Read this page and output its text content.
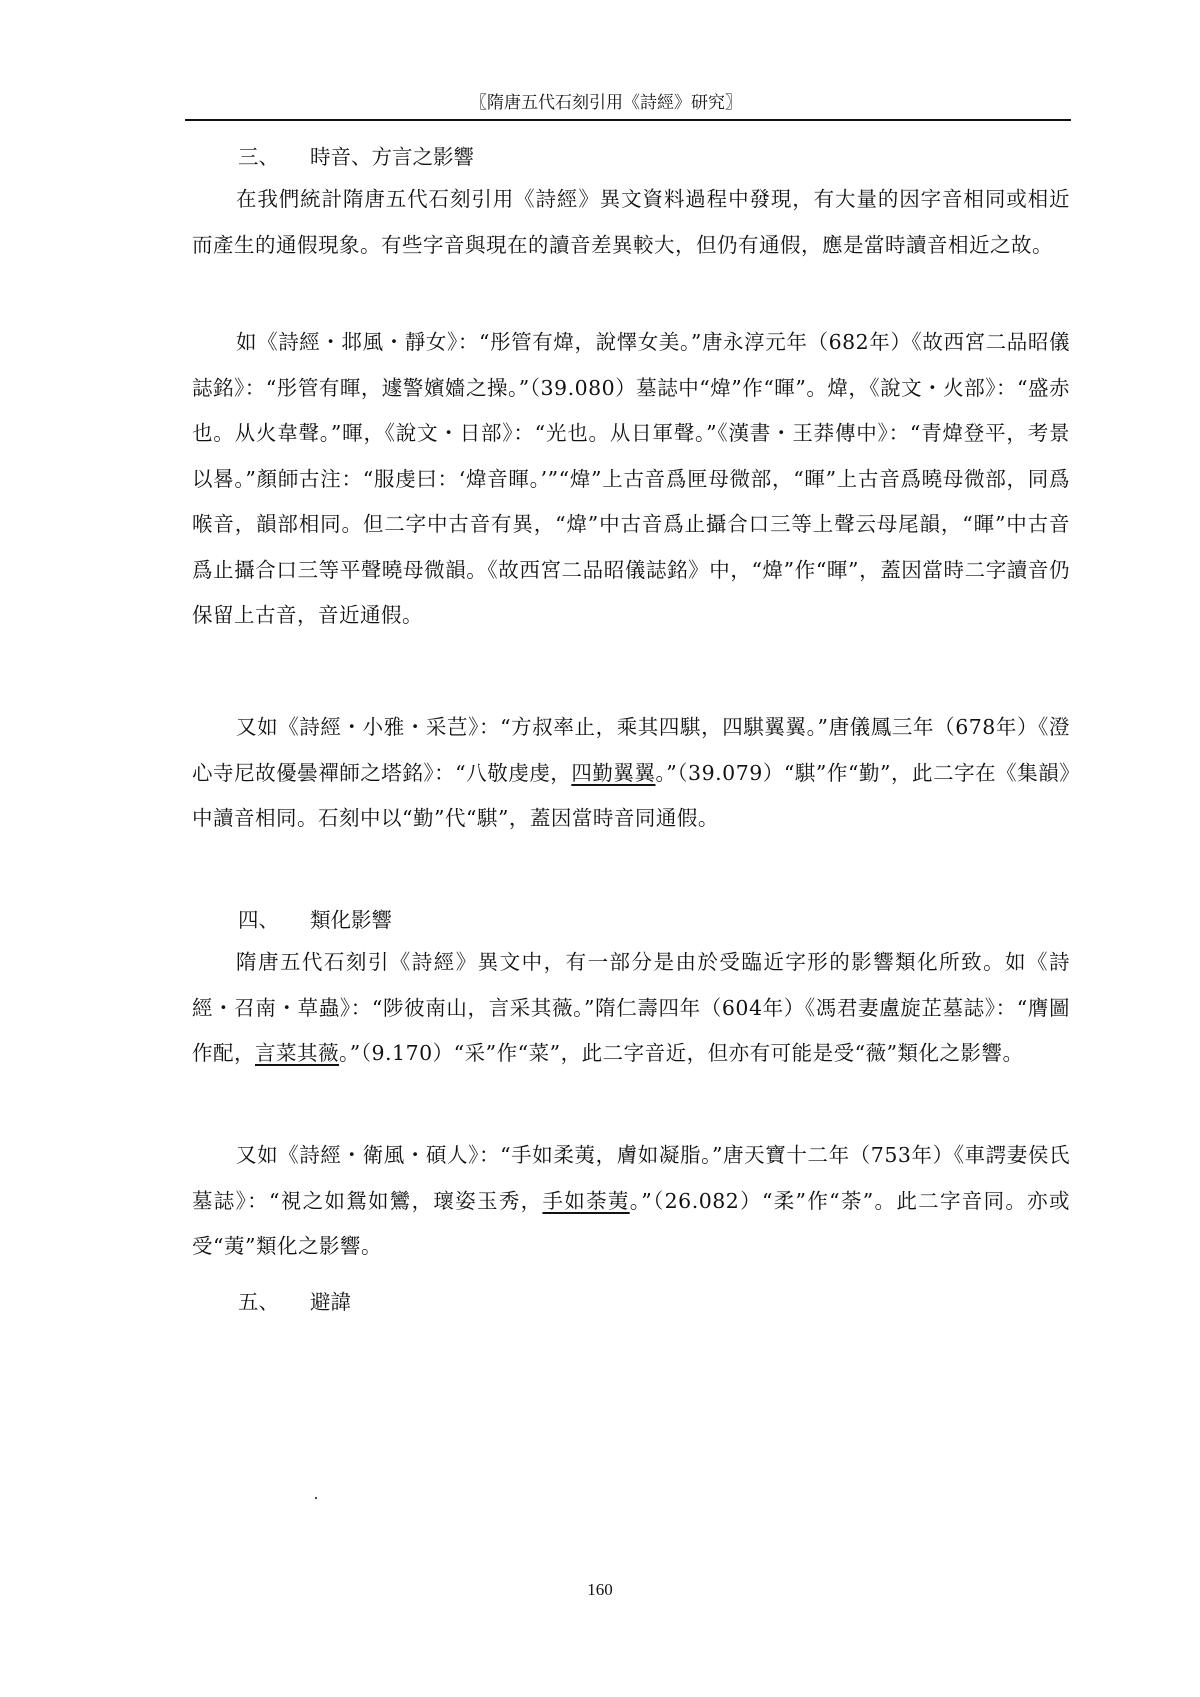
〖隋唐五代石刻引用《詩經》研究〗
三、 時音、方言之影響

在我們統計隋唐五代石刻引用《詩經》異文資料過程中發現，有大量的因字音相同或相近而產生的通假現象。有些字音與現在的讀音差異較大，但仍有通假，應是當時讀音相近之故。

如《詩經・邶風・靜女》：“彤管有煒，說懌女美。”唐永淳元年（682年）《故西宮二品昭儀誌銘》：“彤管有暉，遽警嬪嬙之操。”（39.080）墓誌中“煒”作“暉”。煒，《說文・火部》：“盛赤也。从火韋聲。”暉，《說文・日部》：“光也。从日軍聲。”《漢書・王莽傳中》：“青煒登平，考景以晷。”顏師古注：“服虔曰：‘煒音暉。’”“煒”上古音爲匣母微部，“暉”上古音爲曉母微部，同爲喉音，韻部相同。但二字中古音有異，“煒”中古音爲止攝合口三等上聲云母尾韻，“暉”中古音爲止攝合口三等平聲曉母微韻。《故西宮二品昭儀誌銘》中，“煒”作“暉”，蓋因當時二字讀音仍保留上古音，音近通假。

又如《詩經・小雅・采芑》：“方叔率止，乘其四騏，四騏翼翼。”唐儀鳳三年（678年）《澄心寺尼故優曇禪師之塔銘》：“八敬虔虔，四勤翼翼。”（39.079）“騏”作“勤”，此二字在《集韻》中讀音相同。石刻中以“勤”代“騏”，蓋因當時音同通假。

四、 類化影響

隋唐五代石刻引《詩經》異文中，有一部分是由於受臨近字形的影響類化所致。如《詩經・召南・草蟲》：“陟彼南山，言采其薇。”隋仁壽四年（604年）《馮君妻盧旋芷墓誌》：“膺圖作配，言菜其薇。”（9.170）“采”作“菜”，此二字音近，但亦有可能是受“薇”類化之影響。

又如《詩經・衛風・碩人》：“手如柔荑，膚如凝脂。”唐天寶十二年（753年）《車諤妻侯氏墓誌》：“視之如鴛如鸞，瓌姿玉秀，手如荼荑。”（26.082）“柔”作“荼”。此二字音同。亦或受“荑”類化之影響。

五、 避諱
160
